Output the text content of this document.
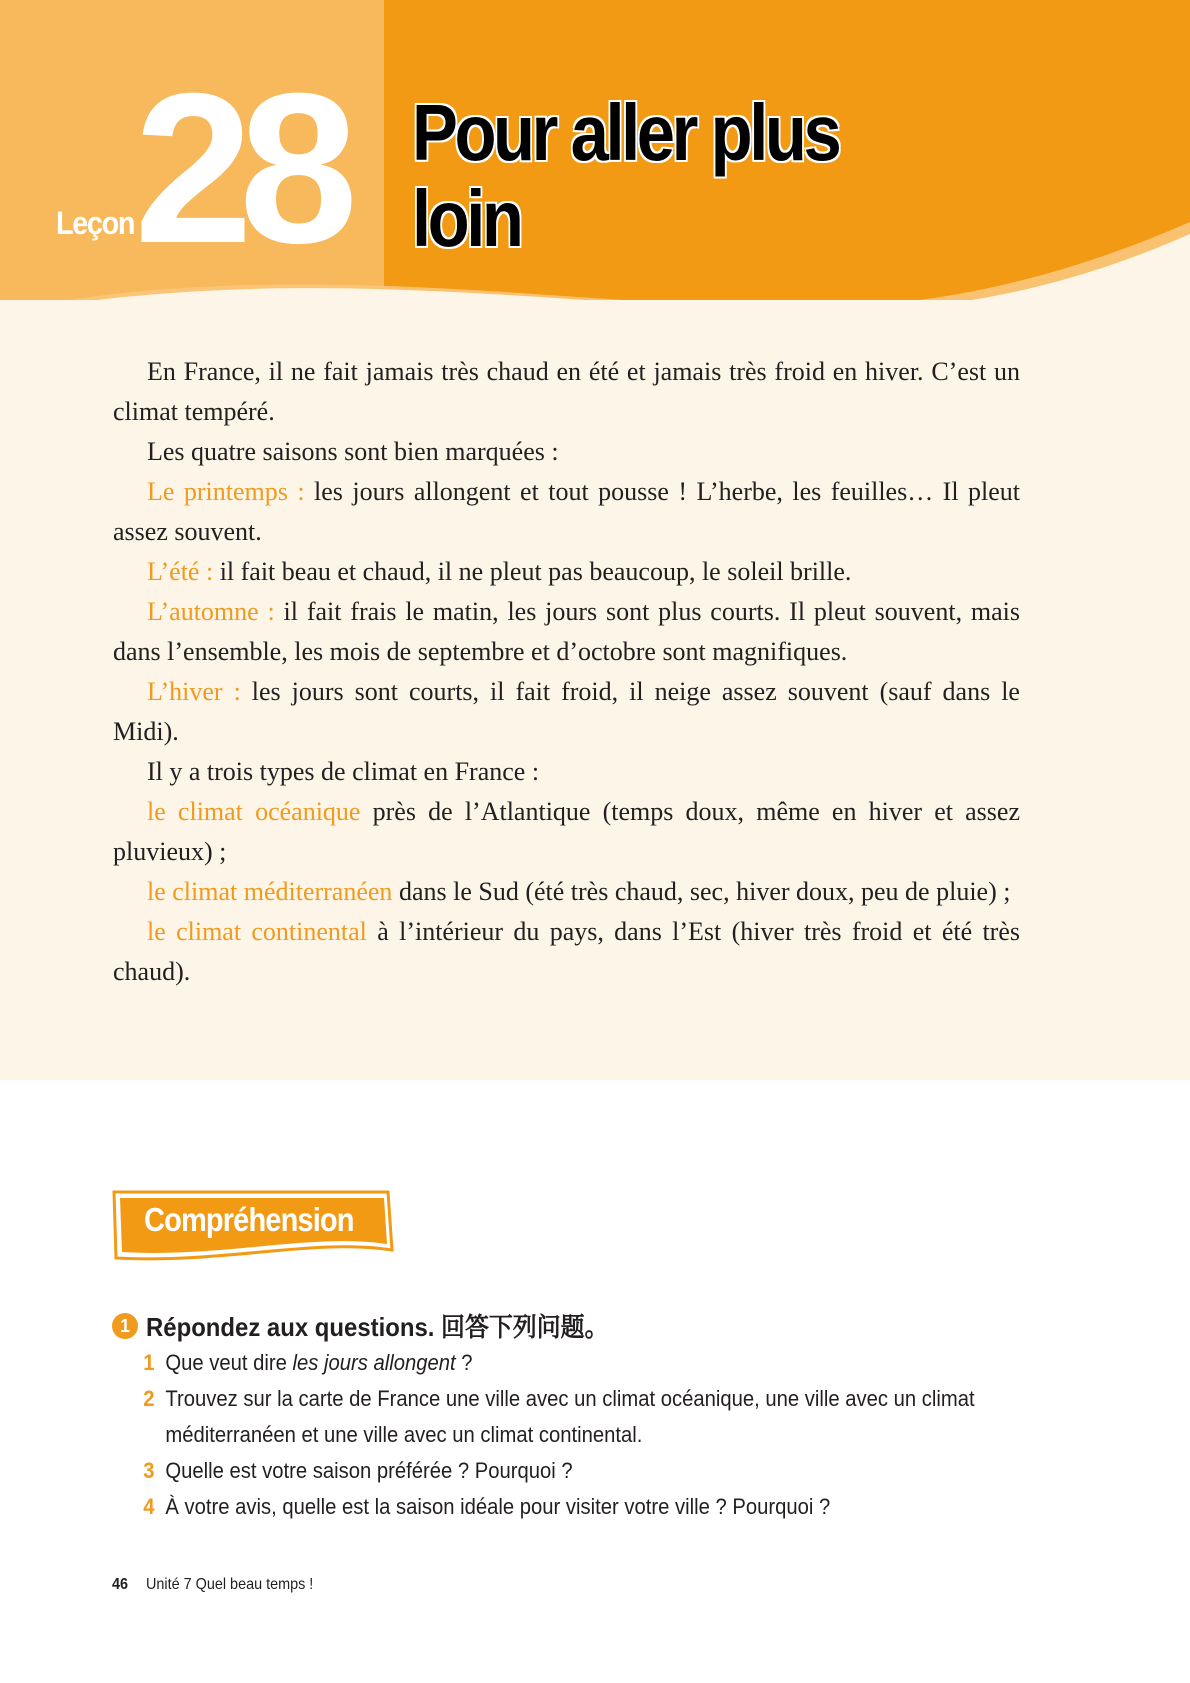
Leçon 28 Pour aller plus loin

En France, il ne fait jamais très chaud en été et jamais très froid en hiver. C’est un climat tempéré.

Les quatre saisons sont bien marquées :

Le printemps : les jours allongent et tout pousse ! L’herbe, les feuilles… Il pleut assez souvent.

L’été : il fait beau et chaud, il ne pleut pas beaucoup, le soleil brille.

L’automne : il fait frais le matin, les jours sont plus courts. Il pleut souvent, mais dans l’ensemble, les mois de septembre et d’octobre sont magnifiques.

L’hiver : les jours sont courts, il fait froid, il neige assez souvent (sauf dans le Midi).

Il y a trois types de climat en France :

le climat océanique près de l’Atlantique (temps doux, même en hiver et assez pluvieux) ;

le climat méditerranéen dans le Sud (été très chaud, sec, hiver doux, peu de pluie) ;

le climat continental à l’intérieur du pays, dans l’Est (hiver très froid et été très chaud).

Compréhension
1 Répondez aux questions. 回答下列问题。
1 Que veut dire les jours allongent ?
2 Trouvez sur la carte de France une ville avec un climat océanique, une ville avec un climat méditerranéen et une ville avec un climat continental.
3 Quelle est votre saison préférée ? Pourquoi ?
4 À votre avis, quelle est la saison idéale pour visiter votre ville ? Pourquoi ?
46 Unité 7 Quel beau temps !
